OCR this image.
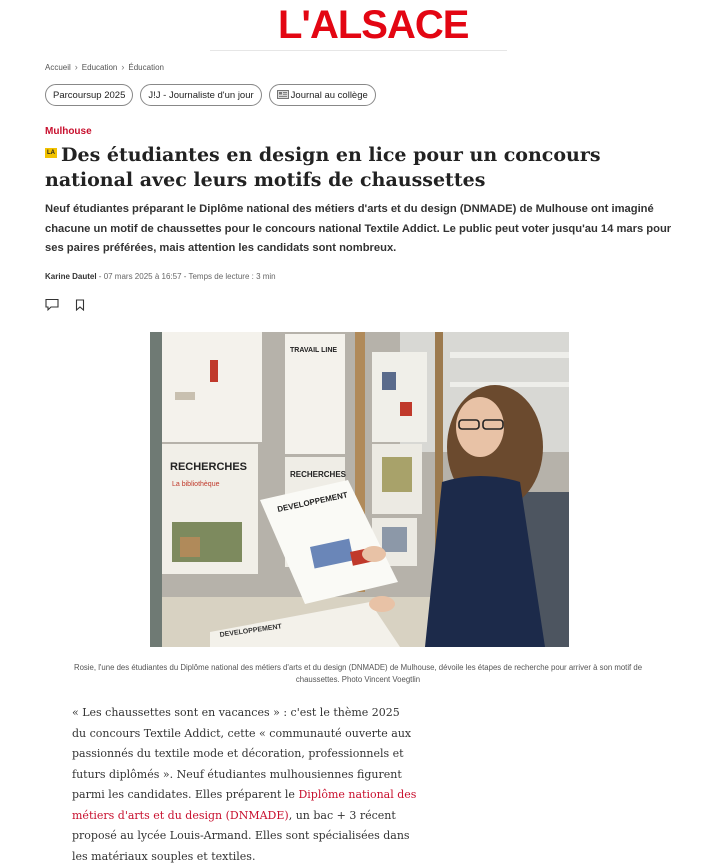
L'ALSACE
Accueil › Education › Éducation
Parcoursup 2025 J!J - Journaliste d'un jour	Journal au collège
Mulhouse
LA Des étudiantes en design en lice pour un concours national avec leurs motifs de chaussettes

Neuf étudiantes préparant le Diplôme national des métiers d'arts et du design (DNMADE) de Mulhouse ont imaginé chacune un motif de chaussettes pour le concours national Textile Addict. Le public peut voter jusqu'au 14 mars pour ses paires préférées, mais attention les candidats sont nombreux.

Karine Dautel - 07 mars 2025 à 16:57 - Temps de lecture : 3 min
RECHERCHES
La bibliothèque
TRAVAIL LINE
RECHERCHES
DEVELOPPEMENT
DEVELOPPEMENT
Rosie, l'une des étudiantes du Diplôme national des métiers d'arts et du design (DNMADE) de Mulhouse, dévoile les étapes de recherche pour arriver à son motif de chaussettes. Photo Vincent Voegtlin

« Les chaussettes sont en vacances » : c'est le thème 2025 du concours Textile Addict, cette « communauté ouverte aux passionnés du textile mode et décoration, professionnels et futurs diplômés ». Neuf étudiantes mulhousiennes figurent parmi les candidates. Elles préparent le Diplôme national des métiers d'arts et du design (DNMADE), un bac + 3 récent proposé au lycée Louis-Armand. Elles sont spécialisées dans les matériaux souples et textiles.
